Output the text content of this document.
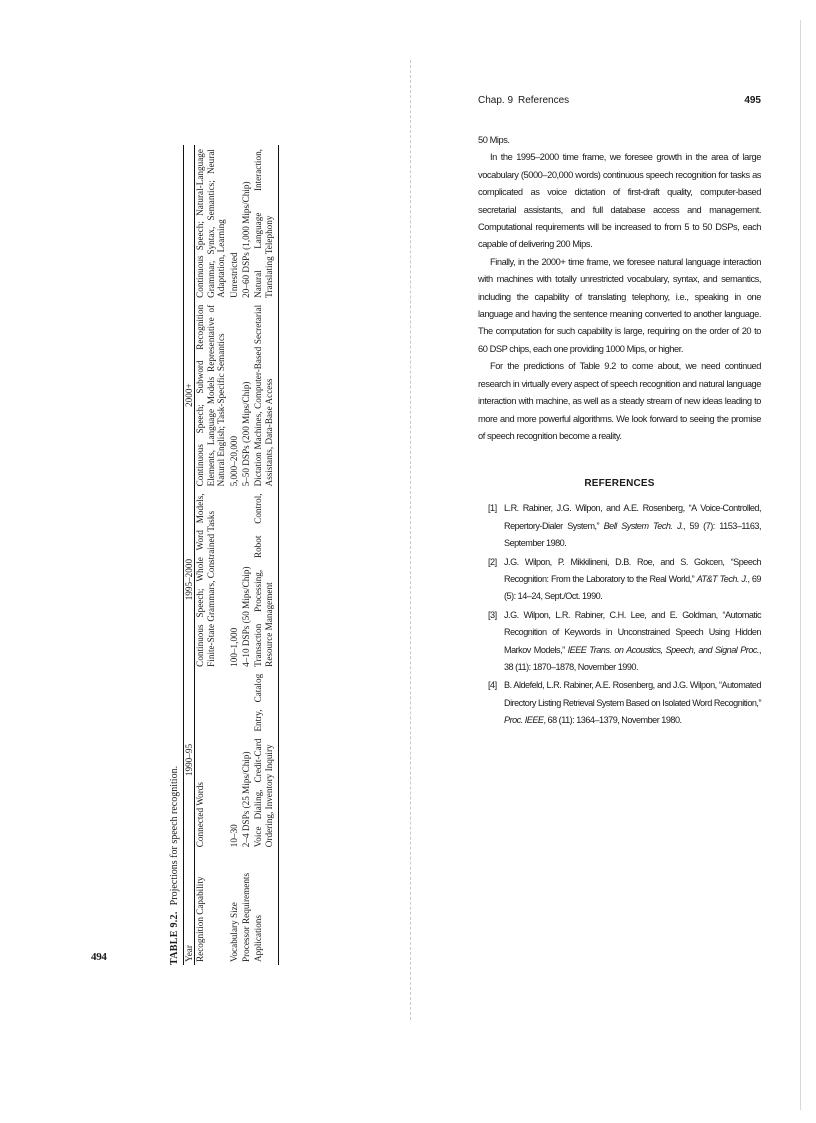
494	TABLE 9.2.Projections for speech recognition.
Year	1990–95	1995–2000	2000+		
Recognition Capability	Connected Words	Continuous Speech; Whole Word Models, Finite-State Grammars, Constrained Tasks	Continuous Speech; Subword Recognition Elements, Language Models Representative of Natural English; Task-Specific Semantics	Continuous Speech; Natural-Language Grammar, Syntax, Semantics; Neural Adaptation, Learning	
Vocabulary Size	10–30	100–1,000	5,000–20,000	Unrestricted	
Processor Requirements	2–4 DSPs (25 Mips/Chip)	4–10 DSPs (50 Mips/Chip)	5–50 DSPs (200 Mips/Chip)	20–60 DSPs (1,000 Mips/Chip)	
Applications	Voice Dialing, Credit-Card Entry, Catalog Ordering, Inventory Inquiry	Transaction Processing, Robot Control, Resource Management	Dictation Machines, Computer-Based Secretarial Assistants, Data-Base Access	Natural Language Interaction, Translating Telephony	
Chap. 9 References	495

50 Mips.

In the 1995–2000 time frame, we foresee growth in the area of large vocabulary (5000–20,000 words) continuous speech recognition for tasks as complicated as voice dictation of first-draft quality, computer-based secretarial assistants, and full database access and management. Computational requirements will be increased to from 5 to 50 DSPs, each capable of delivering 200 Mips.

Finally, in the 2000+ time frame, we foresee natural language interaction with machines with totally unrestricted vocabulary, syntax, and semantics, including the capability of translating telephony, i.e., speaking in one language and having the sentence meaning converted to another language. The computation for such capability is large, requiring on the order of 20 to 60 DSP chips, each one providing 1000 Mips, or higher.

For the predictions of Table 9.2 to come about, we need continued research in virtually every aspect of speech recognition and natural language interaction with machine, as well as a steady stream of new ideas leading to more and more powerful algorithms. We look forward to seeing the promise of speech recognition become a reality.

REFERENCES
[1] L.R. Rabiner, J.G. Wilpon, and A.E. Rosenberg, “A Voice-Controlled, Repertory-Dialer System,” Bell System Tech. J., 59 (7): 1153–1163, September 1980.
[2] J.G. Wilpon, P. Mikkilineni, D.B. Roe, and S. Gokcen, “Speech Recognition: From the Laboratory to the Real World,” AT&T Tech. J., 69 (5): 14–24, Sept./Oct. 1990.
[3] J.G. Wilpon, L.R. Rabiner, C.H. Lee, and E. Goldman, “Automatic Recognition of Keywords in Unconstrained Speech Using Hidden Markov Models,” IEEE Trans. on Acoustics, Speech, and Signal Proc., 38 (11): 1870–1878, November 1990.
[4] B. Aldefeld, L.R. Rabiner, A.E. Rosenberg, and J.G. Wilpon, “Automated Directory Listing Retrieval System Based on Isolated Word Recognition,” Proc. IEEE, 68 (11): 1364–1379, November 1980.
